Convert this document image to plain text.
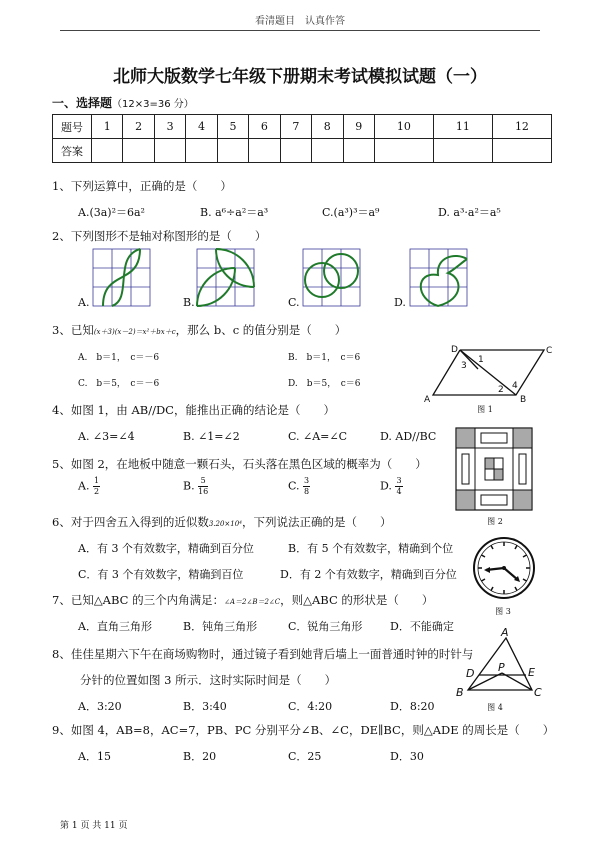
看清题目　认真作答
北师大版数学七年级下册期末考试模拟试题（一）
一、选择题（12×3=36 分）
题号	1	2	3	4	5	6	7	8	9	10	11	12
答案												
1、下列运算中，正确的是（　　）
A.(3a)²＝6a²	B. a⁶÷a²＝a³	C.(a³)³＝a⁹	D. a³·a²＝a⁵
2、下列图形不是轴对称图形的是（　　）
A.	B.	C.	D.
3、已知(x＋3)(x－2)＝x²＋bx＋c，那么 b、c 的值分别是（　　）
A.　b＝1，　c＝－6	B.　b＝1，　c＝6
C.　b＝5，　c＝－6	D.　b＝5，　c＝6
D	C
A	B
1
2
3
4
图 1
4、如图 1，由 AB//DC，能推出正确的结论是（　　）
A. ∠3=∠4	B. ∠1=∠2	C. ∠A=∠C	D. AD//BC
图 2
5、如图 2，在地板中随意一颗石头，石头落在黑色区域的概率为（　　）
A. $\frac{1}{2}$	B. $\frac{5}{16}$	C. $\frac{3}{8}$	D. $\frac{3}{4}$
6、对于四舍五入得到的近似数3.20×10⁴，下列说法正确的是（　　）
A．有 3 个有效数字，精确到百分位	B．有 5 个有效数字，精确到个位
C．有 3 个有效数字，精确到百位	D．有 2 个有效数字，精确到百分位
图 3
7、已知△ABC 的三个内角满足：∠A＝2∠B＝2∠C，则△ABC 的形状是（　　）
A．直角三角形	B．钝角三角形	C．锐角三角形	D．不能确定
8、佳佳星期六下午在商场购物时，通过镜子看到她背后墙上一面普通时钟的时针与
分针的位置如图 3 所示．这时实际时间是（　　）
A．3:20	B．3:40	C．4:20	D．8:20
A
P
D	E
B	C
图 4
9、如图 4，AB=8，AC=7，PB、PC 分别平分∠B、∠C，DE∥BC，则△ADE 的周长是（　　）
A．15	B．20	C．25	D．30
第 1 页 共 11 页
